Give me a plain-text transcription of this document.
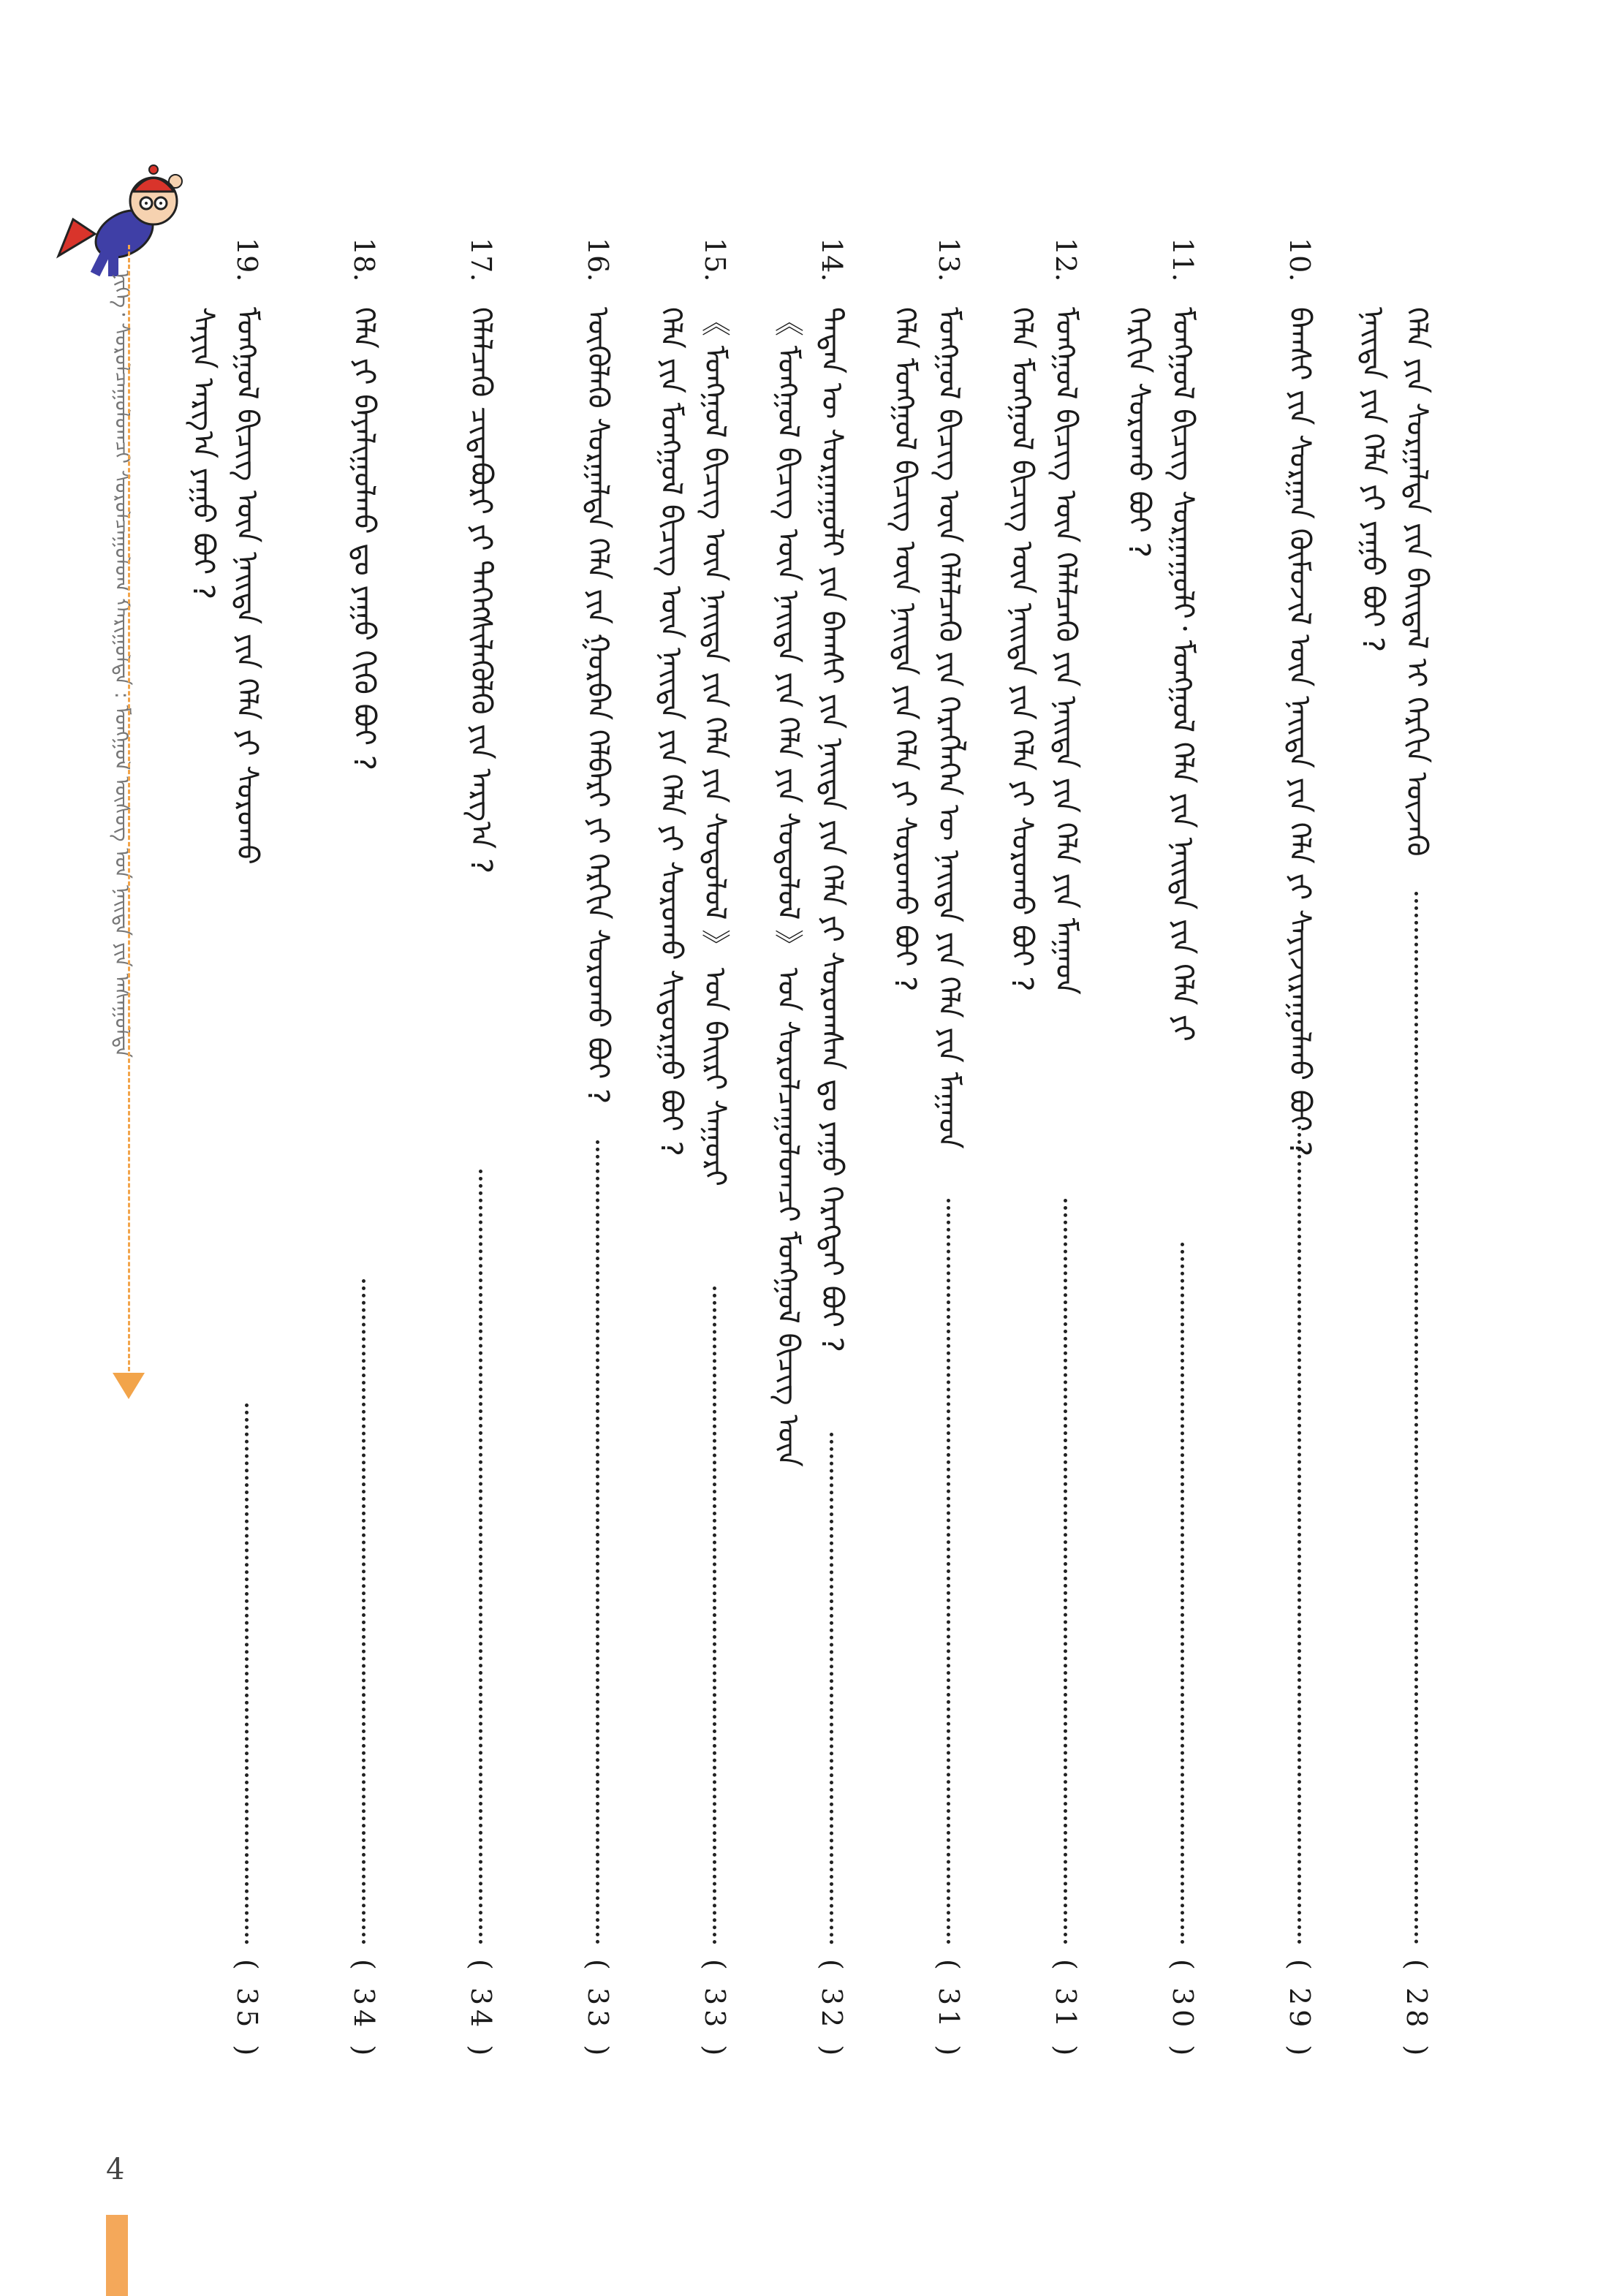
19.
ᠮᠣᠩᠭᠣᠯ ᠪᠢᠴᠢᠭ ᠦᠨ ᠨᠡᠢᠲᠡ ᠶᠢᠨ ᠬᠡᠯᠡ ᠶᠢ ᠰᠤᠷᠤᠬᠤ
( 35 )
ᠰᠠᠶᠢᠨ ᠠᠷᠭ᠎ᠠ ᠶᠠᠭᠤ ᠪᠤᠢ ?
18.
ᠬᠡᠯᠡ ᠶᠢ ᠪᠠᠶᠠᠯᠢᠭᠤᠯᠬᠤ ᠳᠤ ᠶᠠᠭᠤ ᠬᠢᠬᠦ ᠪᠤᠢ ?
( 34 )
17.
ᠬᠡᠯᠡᠯᠴᠡᠬᠦ ᠴᠢᠳᠠᠪᠤᠷᠢ ᠶᠢ ᠳᠡᠭᠡᠭᠰᠢᠯᠡᠭᠦᠯᠬᠦ ᠶᠢᠨ ᠠᠷᠭ᠎ᠠ ?
( 34 )
16.
ᠦᠭᠦᠯᠡᠬᠦ ᠰᠤᠷᠭᠠᠯᠲᠠ ᠬᠡᠯᠡ ᠶᠢᠨ ᠭᠤᠷᠪᠠᠨ ᠬᠡᠯᠪᠡᠷᠢ ᠶᠢ ᠬᠡᠷᠬᠢᠨ ᠰᠤᠷᠤᠬᠤ ᠪᠤᠢ ?
( 33 )
15.
《 ᠮᠣᠩᠭᠣᠯ ᠪᠢᠴᠢᠭ ᠦᠨ ᠨᠡᠢᠲᠡ ᠶᠢᠨ ᠬᠡᠯᠡ ᠶᠢᠨ ᠰᠤᠳᠤᠯᠤᠯ 》 ᠤᠨ ᠪᠠᠢᠷᠢ ᠰᠠᠭᠤᠷᠢ
( 33 )
ᠬᠡᠯᠡ ᠶᠢᠨ ᠮᠣᠩᠭᠣᠯ ᠪᠢᠴᠢᠭ ᠦᠨ ᠨᠡᠢᠲᠡ ᠶᠢᠨ ᠬᠡᠯᠡ ᠶᠢ ᠰᠤᠷᠤᠬᠤ ᠰᠢᠳᠤᠷᠭᠤ ᠪᠤᠢ ?
14.
ᠲᠡᠳᠡᠨ ᠦ ᠰᠤᠷᠭᠠᠭᠤᠯᠢ ᠶᠢᠨ ᠪᠠᠭᠰᠢ ᠶᠢᠨ ᠨᠡᠢᠲᠡ ᠶᠢᠨ ᠬᠡᠯᠡ ᠶᠢ ᠰᠤᠷᠤᠭᠰᠠᠨ ᠳᠤ ᠶᠠᠭᠤ ᠬᠡᠷᠡᠭᠲᠡᠢ ᠪᠤᠢ ?
( 32 )
《 ᠮᠣᠩᠭᠣᠯ ᠪᠢᠴᠢᠭ ᠦᠨ ᠨᠡᠢᠲᠡ ᠶᠢᠨ ᠬᠡᠯᠡ ᠶᠢᠨ ᠰᠤᠳᠤᠯᠤᠯ 》 ᠤᠨ ᠰᠤᠷᠤᠯᠴᠠᠭᠤᠯᠤᠭᠴᠢ ᠮᠣᠩᠭᠣᠯ ᠪᠢᠴᠢᠭ ᠦᠨ
13.
ᠮᠣᠩᠭᠣᠯ ᠪᠢᠴᠢᠭ ᠦᠨ ᠬᠡᠯᠡᠯᠴᠡᠬᠦ ᠶᠢᠨ ᠬᠡᠷᠡᠭᠯᠡᠭᠡᠨ ᠦ ᠨᠡᠢᠲᠡ ᠶᠢᠨ ᠬᠡᠯᠡ ᠶᠢᠨ ᠮᠠᠭᠠᠳ
( 31 )
ᠬᠡᠯᠡ ᠮᠣᠩᠭᠣᠯ ᠪᠢᠴᠢᠭ ᠦᠨ ᠨᠡᠢᠲᠡ ᠶᠢᠨ ᠬᠡᠯᠡ ᠶᠢ ᠰᠤᠷᠤᠬᠤ ᠪᠤᠢ ?
12.
ᠮᠣᠩᠭᠣᠯ ᠪᠢᠴᠢᠭ ᠦᠨ ᠬᠡᠯᠡᠯᠴᠡᠬᠦ ᠶᠢᠨ ᠨᠡᠢᠲᠡ ᠶᠢᠨ ᠬᠡᠯᠡ ᠶᠢᠨ ᠮᠠᠭᠠᠳ
( 31 )
ᠬᠡᠯᠡ ᠮᠣᠩᠭᠣᠯ ᠪᠢᠴᠢᠭ ᠦᠨ ᠨᠡᠢᠲᠡ ᠶᠢᠨ ᠬᠡᠯᠡ ᠶᠢ ᠰᠤᠷᠤᠬᠤ ᠪᠤᠢ ?
11.
ᠮᠣᠩᠭᠣᠯ ᠪᠢᠴᠢᠭ ᠰᠤᠷᠭᠠᠭᠤᠯᠢ᠂ ᠮᠣᠩᠭᠣᠯ ᠬᠡᠯᠡ ᠶᠢᠨ ᠨᠡᠢᠲᠡ ᠶᠢᠨ ᠬᠡᠯᠡ ᠶᠢ
( 30 )
ᠬᠡᠷᠬᠢᠨ ᠰᠤᠷᠤᠬᠤ ᠪᠤᠢ ?
10.
ᠪᠠᠭᠰᠢ ᠶᠢᠨ ᠰᠤᠷᠭᠠᠨ ᠬᠦᠮᠦᠵᠢᠯ ᠦᠨ ᠨᠡᠢᠲᠡ ᠶᠢᠨ ᠬᠡᠯᠡ ᠶᠢ ᠰᠠᠶᠢᠵᠢᠷᠠᠭᠤᠯᠬᠤ ᠪᠤᠢ ?
( 29 )
ᠬᠡᠯᠡ ᠶᠢᠨ ᠰᠤᠷᠭᠠᠯᠲᠠ ᠶᠢᠨ ᠪᠠᠢᠳᠠᠯ ᠢ ᠬᠡᠷᠬᠢᠨ ᠦᠵᠡᠬᠦ
( 28 )
ᠨᠡᠢᠲᠡ ᠶᠢᠨ ᠬᠡᠯᠡ ᠶᠢ ᠶᠠᠭᠤ ᠪᠤᠢ ?
ᠨᠢᠭᠡ᠂ ᠰᠤᠷᠤᠯᠴᠠᠭᠤᠯᠤᠭᠴᠢ ᠰᠤᠷᠤᠯᠴᠠᠭᠤᠯᠤᠭ ᠬᠠᠷᠢᠭᠤᠯᠲᠠ : ᠮᠣᠩᠭᠣᠯ ᠦᠰᠦᠭ ᠤᠨ ᠨᠡᠢᠲᠡ ᠶᠢᠨ ᠠᠰᠠᠭᠤᠯᠲᠠ
4
